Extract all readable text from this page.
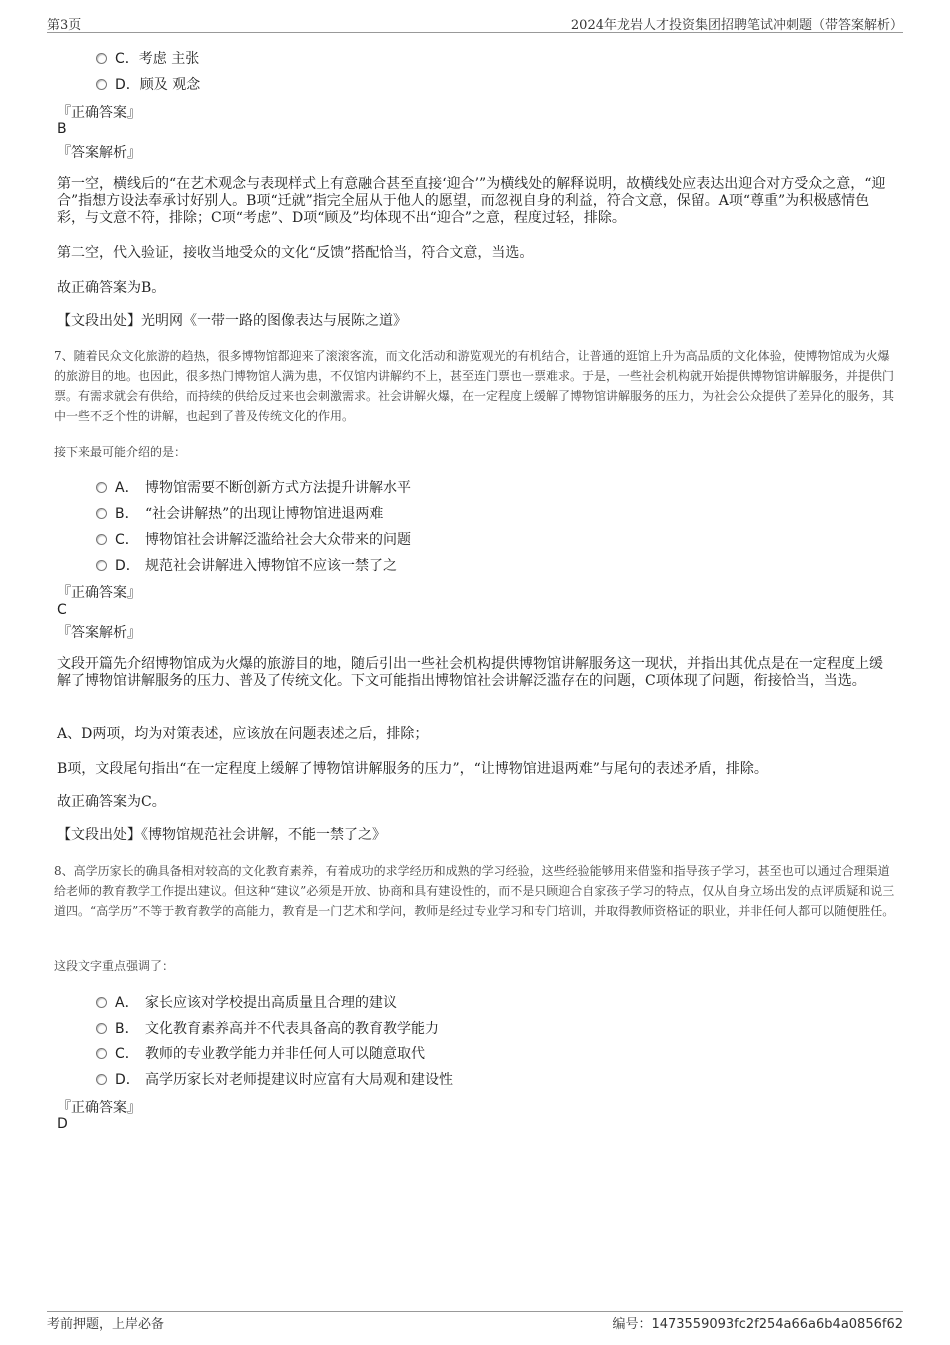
第3页	2024年龙岩人才投资集团招聘笔试冲刺题（带答案解析）
C．考虑 主张
D．顾及 观念
『正确答案』
B
『答案解析』
第一空，横线后的“在艺术观念与表现样式上有意融合甚至直接‘迎合’”为横线处的解释说明，故横线处应表达出迎合对方受众之意，“迎合”指想方设法奉承讨好别人。B项“迁就”指完全屈从于他人的愿望，而忽视自身的利益，符合文意，保留。A项“尊重”为积极感情色彩，与文意不符，排除；C项“考虑”、D项“顾及”均体现不出“迎合”之意，程度过轻，排除。
第二空，代入验证，接收当地受众的文化“反馈”搭配恰当，符合文意，当选。
故正确答案为B。
【文段出处】光明网《一带一路的图像表达与展陈之道》
7、随着民众文化旅游的趋热，很多博物馆都迎来了滚滚客流，而文化活动和游览观光的有机结合，让普通的逛馆上升为高品质的文化体验，使博物馆成为火爆的旅游目的地。也因此，很多热门博物馆人满为患，不仅馆内讲解约不上，甚至连门票也一票难求。于是，一些社会机构就开始提供博物馆讲解服务，并提供门票。有需求就会有供给，而持续的供给反过来也会刺激需求。社会讲解火爆，在一定程度上缓解了博物馆讲解服务的压力，为社会公众提供了差异化的服务，其中一些不乏个性的讲解，也起到了普及传统文化的作用。
接下来最可能介绍的是：
A． 博物馆需要不断创新方式方法提升讲解水平
B． “社会讲解热”的出现让博物馆进退两难
C． 博物馆社会讲解泛滥给社会大众带来的问题
D． 规范社会讲解进入博物馆不应该一禁了之
『正确答案』
C
『答案解析』
文段开篇先介绍博物馆成为火爆的旅游目的地，随后引出一些社会机构提供博物馆讲解服务这一现状，并指出其优点是在一定程度上缓解了博物馆讲解服务的压力、普及了传统文化。下文可能指出博物馆社会讲解泛滥存在的问题，C项体现了问题，衔接恰当，当选。
A、D两项，均为对策表述，应该放在问题表述之后，排除；
B项，文段尾句指出“在一定程度上缓解了博物馆讲解服务的压力”，“让博物馆进退两难”与尾句的表述矛盾，排除。
故正确答案为C。
【文段出处】《博物馆规范社会讲解，不能一禁了之》
8、高学历家长的确具备相对较高的文化教育素养，有着成功的求学经历和成熟的学习经验，这些经验能够用来借鉴和指导孩子学习，甚至也可以通过合理渠道给老师的教育教学工作提出建议。但这种“建议”必须是开放、协商和具有建设性的，而不是只顾迎合自家孩子学习的特点，仅从自身立场出发的点评质疑和说三道四。“高学历”不等于教育教学的高能力，教育是一门艺术和学问，教师是经过专业学习和专门培训，并取得教师资格证的职业，并非任何人都可以随便胜任。
这段文字重点强调了：
A． 家长应该对学校提出高质量且合理的建议
B． 文化教育素养高并不代表具备高的教育教学能力
C． 教师的专业教学能力并非任何人可以随意取代
D． 高学历家长对老师提建议时应富有大局观和建设性
『正确答案』
D
考前押题，上岸必备	编号：1473559093fc2f254a66a6b4a0856f62
